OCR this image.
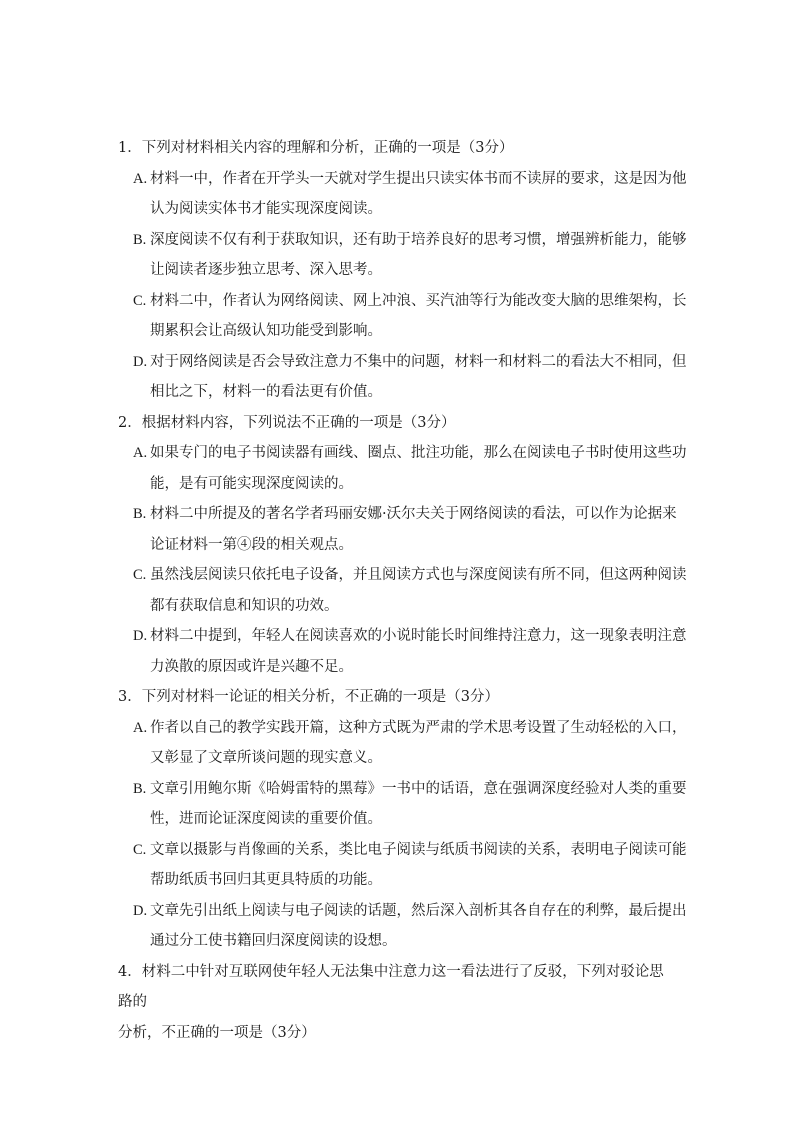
1．下列对材料相关内容的理解和分析，正确的一项是（3分）
A. 材料一中，作者在开学头一天就对学生提出只读实体书而不读屏的要求，这是因为他
认为阅读实体书才能实现深度阅读。
B. 深度阅读不仅有利于获取知识，还有助于培养良好的思考习惯，增强辨析能力，能够
让阅读者逐步独立思考、深入思考。
C. 材料二中，作者认为网络阅读、网上冲浪、买汽油等行为能改变大脑的思维架构，长
期累积会让高级认知功能受到影响。
D. 对于网络阅读是否会导致注意力不集中的问题，材料一和材料二的看法大不相同，但
相比之下，材料一的看法更有价值。
2．根据材料内容，下列说法不正确的一项是（3分）
A. 如果专门的电子书阅读器有画线、圈点、批注功能，那么在阅读电子书时使用这些功
能，是有可能实现深度阅读的。
B. 材料二中所提及的著名学者玛丽安娜·沃尔夫关于网络阅读的看法，可以作为论据来
论证材料一第④段的相关观点。
C. 虽然浅层阅读只依托电子设备，并且阅读方式也与深度阅读有所不同，但这两种阅读
都有获取信息和知识的功效。
D. 材料二中提到，年轻人在阅读喜欢的小说时能长时间维持注意力，这一现象表明注意
力涣散的原因或许是兴趣不足。
3．下列对材料一论证的相关分析，不正确的一项是（3分）
A. 作者以自己的教学实践开篇，这种方式既为严肃的学术思考设置了生动轻松的入口，
又彰显了文章所谈问题的现实意义。
B. 文章引用鲍尔斯《哈姆雷特的黑莓》一书中的话语，意在强调深度经验对人类的重要
性，进而论证深度阅读的重要价值。
C. 文章以摄影与肖像画的关系，类比电子阅读与纸质书阅读的关系，表明电子阅读可能
帮助纸质书回归其更具特质的功能。
D. 文章先引出纸上阅读与电子阅读的话题，然后深入剖析其各自存在的利弊，最后提出
通过分工使书籍回归深度阅读的设想。
4．材料二中针对互联网使年轻人无法集中注意力这一看法进行了反驳，下列对驳论思路的
分析，不正确的一项是（3分）
